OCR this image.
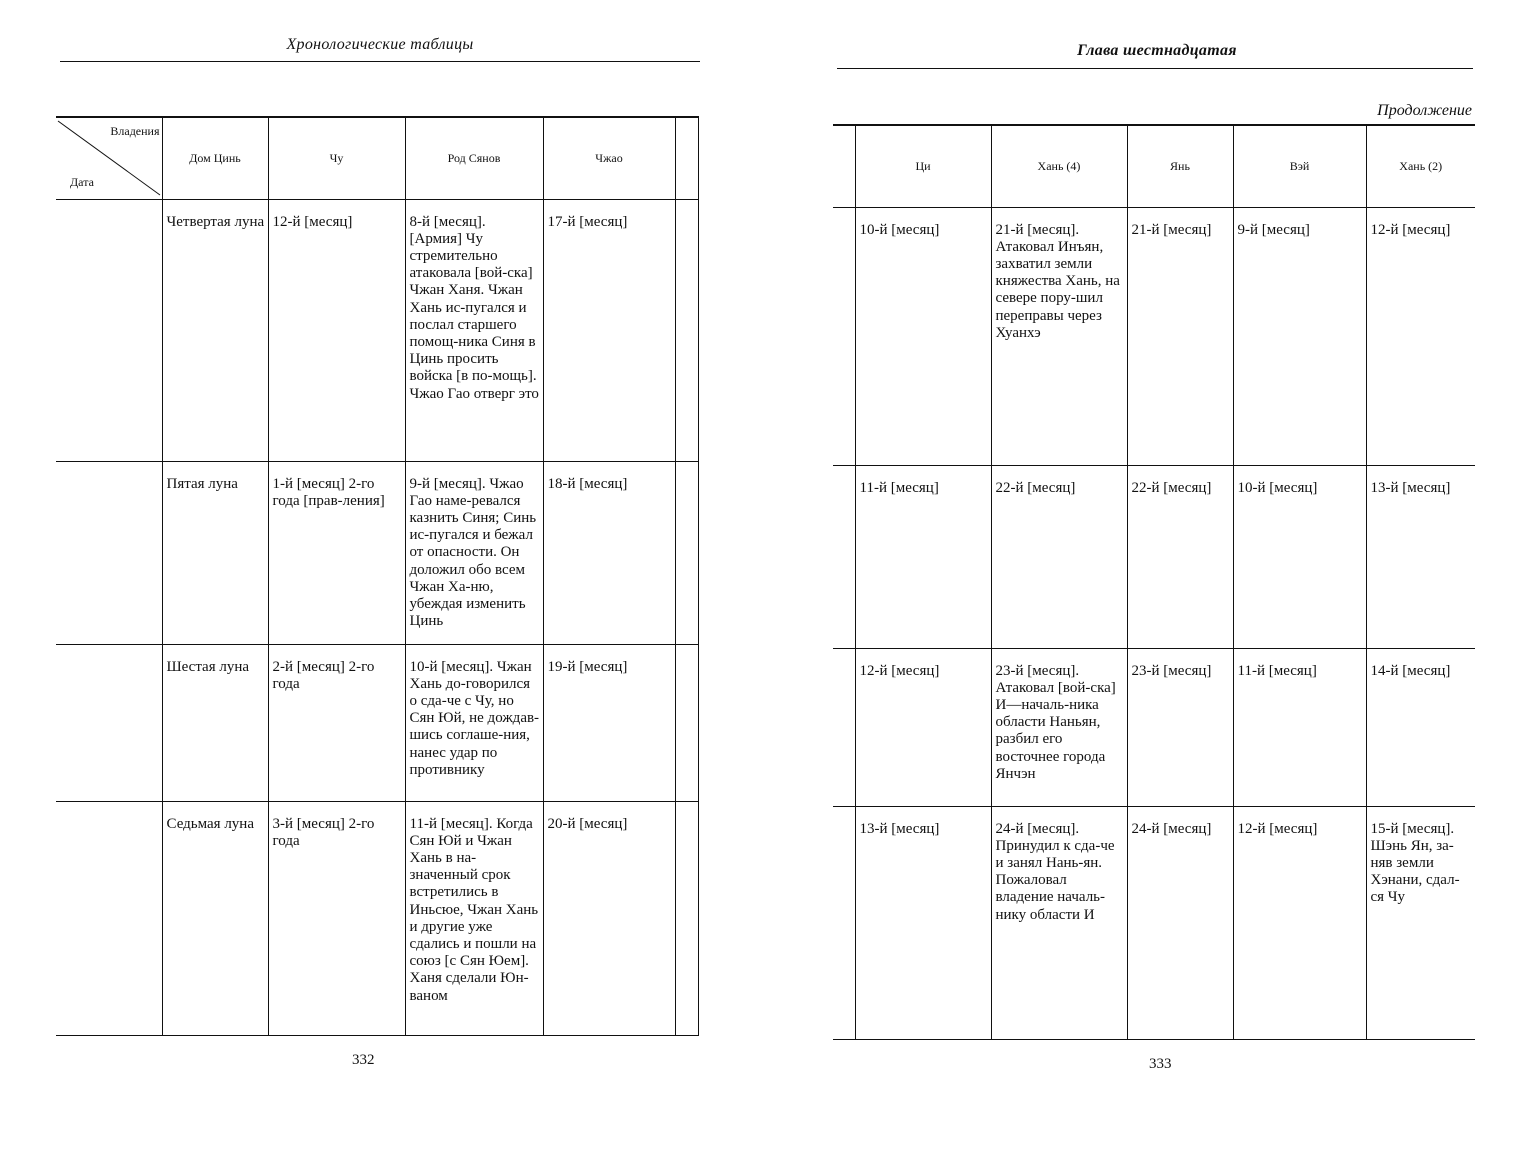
Хронологические таблицы
Владения
Дата	Дом Цинь	Чу	Род Сянов	Чжао	
	Четвертая луна	12-й [месяц]	8-й [месяц]. [Армия] Чу стремительно атаковала [вой-ска] Чжан Ханя. Чжан Хань ис-пугался и послал старшего помощ-ника Синя в Цинь просить войска [в по-мощь]. Чжао Гао отверг это	17-й [месяц]	
	Пятая луна	1-й [месяц] 2-го года [прав-ления]	9-й [месяц]. Чжао Гао наме-ревался казнить Синя; Синь ис-пугался и бежал от опасности. Он доложил обо всем Чжан Ха-ню, убеждая изменить Цинь	18-й [месяц]	
	Шестая луна	2-й [месяц] 2-го года	10-й [месяц]. Чжан Хань до-говорился о сда-че с Чу, но Сян Юй, не дождав-шись соглаше-ния, нанес удар по противнику	19-й [месяц]	
	Седьмая луна	3-й [месяц] 2-го года	11-й [месяц]. Когда Сян Юй и Чжан Хань в на-значенный срок встретились в Иньсюе, Чжан Хань и другие уже сдались и пошли на союз [с Сян Юем]. Ханя сделали Юн-ваном	20-й [месяц]	
332
Глава шестнадцатая
Продолжение
	Ци	Хань (4)	Янь	Вэй	Хань (2)
	10-й [месяц]	21-й [месяц]. Атаковал Инъян, захватил земли княжества Хань, на севере пору-шил переправы через Хуанхэ	21-й [месяц]	9-й [месяц]	12-й [месяц]
	11-й [месяц]	22-й [месяц]	22-й [месяц]	10-й [месяц]	13-й [месяц]
	12-й [месяц]	23-й [месяц]. Атаковал [вой-ска] И—началь-ника области Наньян, разбил его восточнее города Янчэн	23-й [месяц]	11-й [месяц]	14-й [месяц]
	13-й [месяц]	24-й [месяц]. Принудил к сда-че и занял Нань-ян. Пожаловал владение началь-нику области И	24-й [месяц]	12-й [месяц]	15-й [месяц]. Шэнь Ян, за-няв земли Хэнани, сдал-ся Чу
333
